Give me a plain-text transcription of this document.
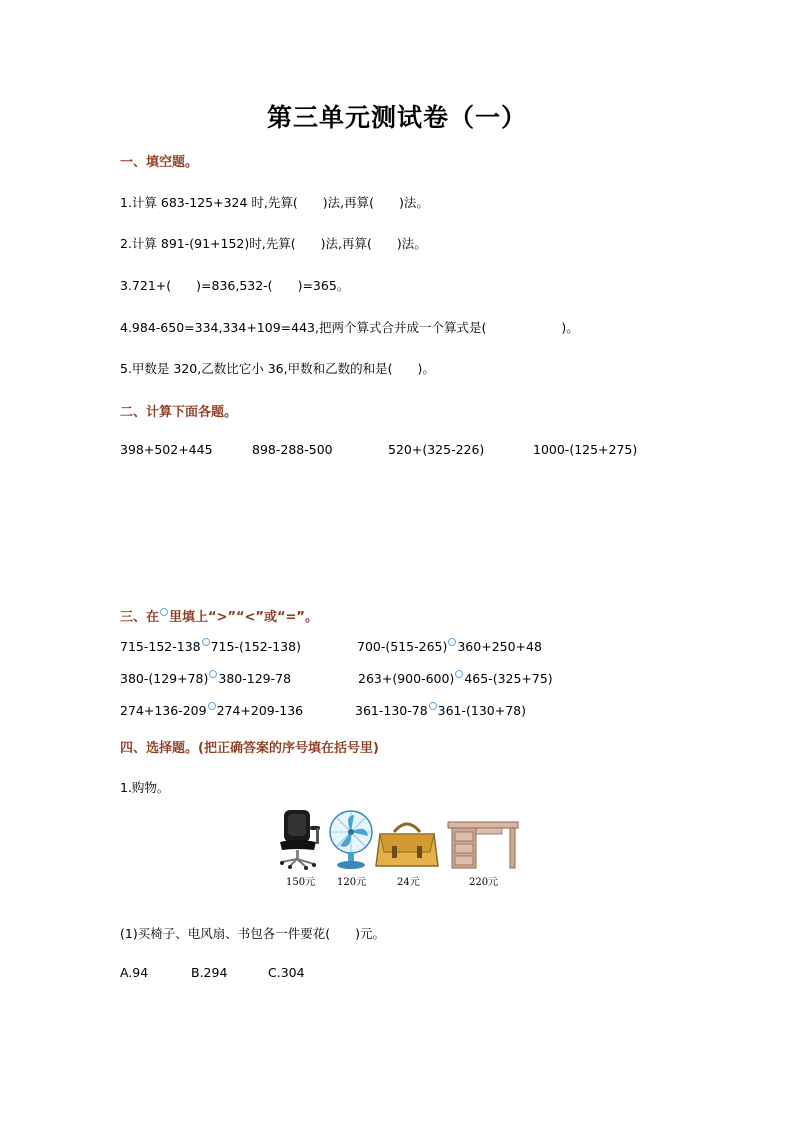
第三单元测试卷（一）
一、填空题。
1.计算 683-125+324 时,先算(　　)法,再算(　　)法。
2.计算 891-(91+152)时,先算(　　)法,再算(　　)法。
3.721+(　　)=836,532-(　　)=365。
4.984-650=334,334+109=443,把两个算式合并成一个算式是(　　　　　　)。
5.甲数是 320,乙数比它小 36,甲数和乙数的和是(　　)。
二、计算下面各题。
398+502+445	898-288-500	520+(325-226)	1000-(125+275)
三、在 里填上“>”“<”或“=”。
715-152-138 715-(152-138)	700-(515-265) 360+250+48
380-(129+78) 380-129-78	263+(900-600) 465-(325+75)
274+136-209 274+209-136	361-130-78 361-(130+78)
四、选择题。(把正确答案的序号填在括号里)
1.购物。
150元 120元	24元	220元
(1)买椅子、电风扇、书包各一件要花(　　)元。
A.94	B.294	C.304
